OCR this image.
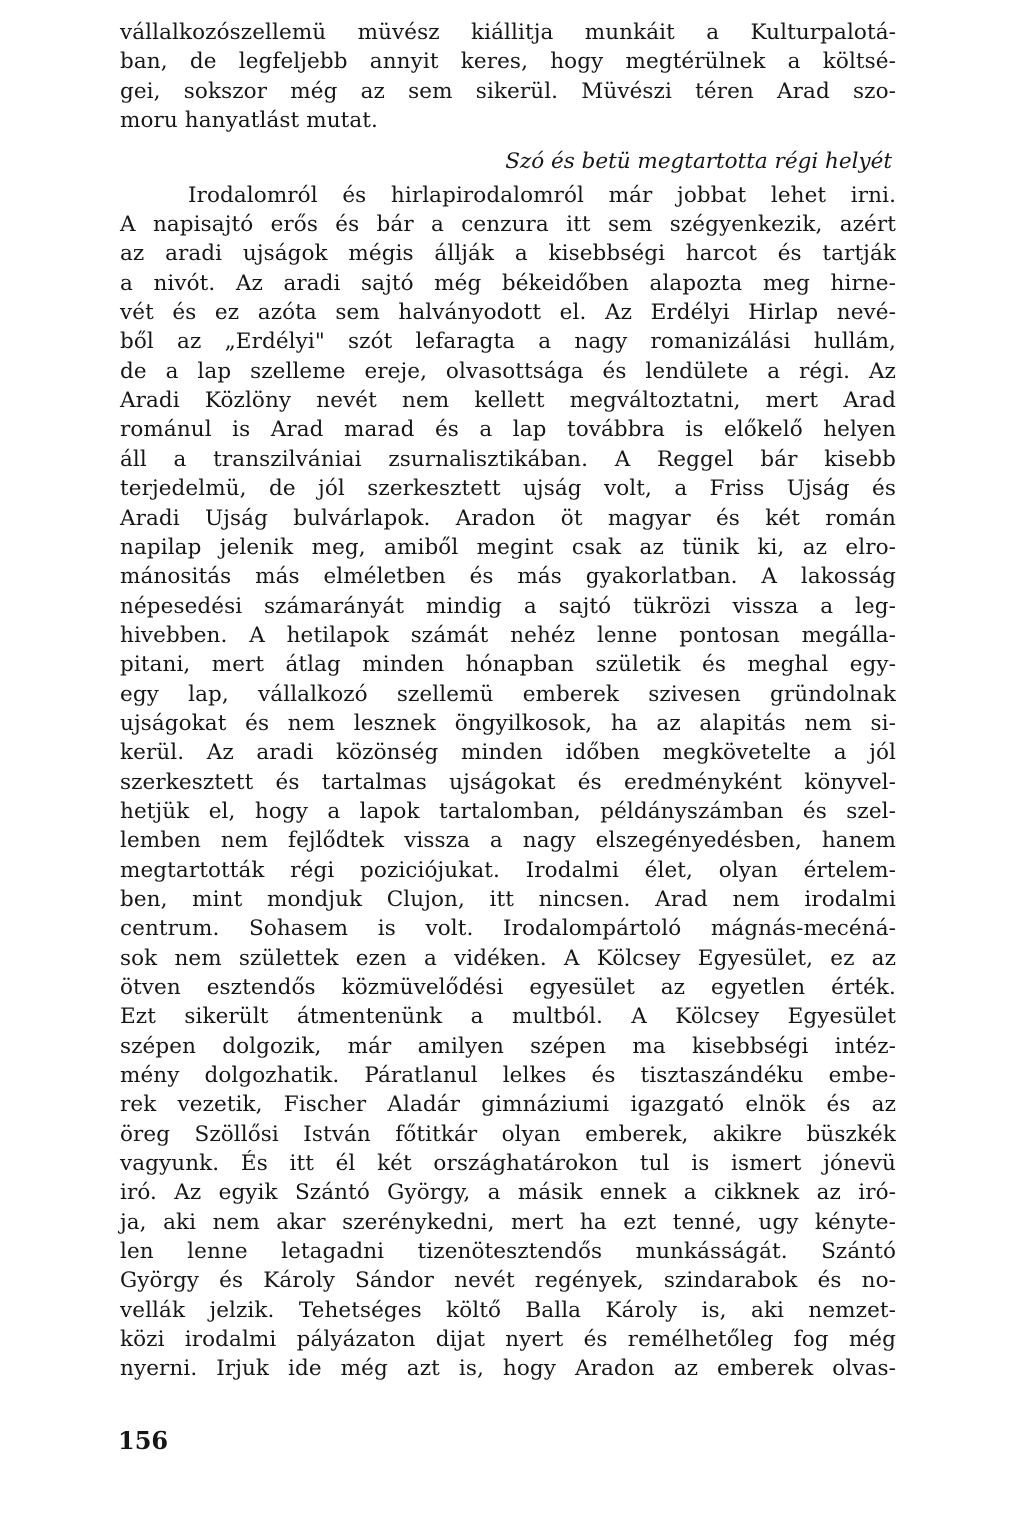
vállalkozószellemü müvész kiállitja munkáit a Kulturpalotá-
ban, de legfeljebb annyit keres, hogy megtérülnek a költsé-
gei, sokszor még az sem sikerül. Müvészi téren Arad szo-
moru hanyatlást mutat.
Szó és betü megtartotta régi helyét
Irodalomról és hirlapirodalomról már jobbat lehet irni.
A napisajtó erős és bár a cenzura itt sem szégyenkezik, azért
az aradi ujságok mégis állják a kisebbségi harcot és tartják
a nivót. Az aradi sajtó még békeidőben alapozta meg hirne-
vét és ez azóta sem halványodott el. Az Erdélyi Hirlap nevé-
ből az „Erdélyi" szót lefaragta a nagy romanizálási hullám,
de a lap szelleme ereje, olvasottsága és lendülete a régi. Az
Aradi Közlöny nevét nem kellett megváltoztatni, mert Arad
románul is Arad marad és a lap továbbra is előkelő helyen
áll a transzilvániai zsurnalisztikában. A Reggel bár kisebb
terjedelmü, de jól szerkesztett ujság volt, a Friss Ujság és
Aradi Ujság bulvárlapok. Aradon öt magyar és két román
napilap jelenik meg, amiből megint csak az tünik ki, az elro-
mánositás más elméletben és más gyakorlatban. A lakosság
népesedési számarányát mindig a sajtó tükrözi vissza a leg-
hivebben. A hetilapok számát nehéz lenne pontosan megálla-
pitani, mert átlag minden hónapban születik és meghal egy-
egy lap, vállalkozó szellemü emberek szivesen gründolnak
ujságokat és nem lesznek öngyilkosok, ha az alapitás nem si-
kerül. Az aradi közönség minden időben megkövetelte a jól
szerkesztett és tartalmas ujságokat és eredményként könyvel-
hetjük el, hogy a lapok tartalomban, példányszámban és szel-
lemben nem fejlődtek vissza a nagy elszegényedésben, hanem
megtartották régi poziciójukat. Irodalmi élet, olyan értelem-
ben, mint mondjuk Clujon, itt nincsen. Arad nem irodalmi
centrum. Sohasem is volt. Irodalompártoló mágnás-mecéná-
sok nem születtek ezen a vidéken. A Kölcsey Egyesület, ez az
ötven esztendős közmüvelődési egyesület az egyetlen érték.
Ezt sikerült átmentenünk a multból. A Kölcsey Egyesület
szépen dolgozik, már amilyen szépen ma kisebbségi intéz-
mény dolgozhatik. Páratlanul lelkes és tisztaszándéku embe-
rek vezetik, Fischer Aladár gimnáziumi igazgató elnök és az
öreg Szöllősi István főtitkár olyan emberek, akikre büszkék
vagyunk. És itt él két országhatárokon tul is ismert jónevü
iró. Az egyik Szántó György, a másik ennek a cikknek az iró-
ja, aki nem akar szerénykedni, mert ha ezt tenné, ugy kényte-
len lenne letagadni tizenötesztendős munkásságát. Szántó
György és Károly Sándor nevét regények, szindarabok és no-
vellák jelzik. Tehetséges költő Balla Károly is, aki nemzet-
közi irodalmi pályázaton dijat nyert és remélhetőleg fog még
nyerni. Irjuk ide még azt is, hogy Aradon az emberek olvas-
156
